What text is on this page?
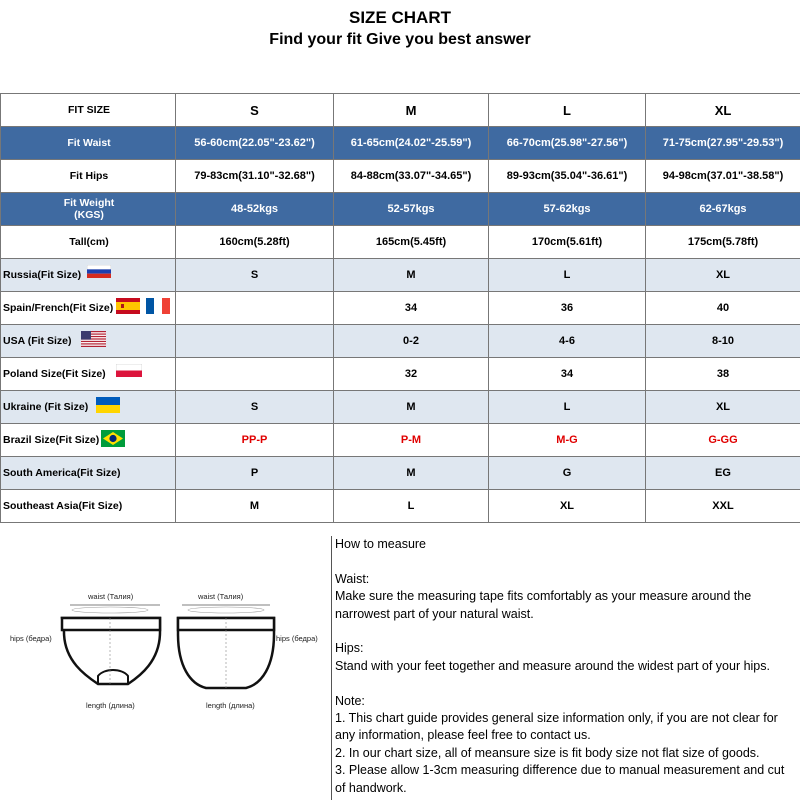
SIZE CHART
Find your fit Give you best answer
FIT SIZE	S	M	L	XL
Fit Waist	56-60cm(22.05"-23.62")	61-65cm(24.02"-25.59")	66-70cm(25.98"-27.56")	71-75cm(27.95"-29.53")
Fit Hips	79-83cm(31.10"-32.68")	84-88cm(33.07"-34.65")	89-93cm(35.04"-36.61")	94-98cm(37.01"-38.58")
Fit Weight
(KGS)	48-52kgs	52-57kgs	57-62kgs	62-67kgs
Tall(cm)	160cm(5.28ft)	165cm(5.45ft)	170cm(5.61ft)	175cm(5.78ft)
Russia(Fit Size)	S	M	L	XL
Spain/French(Fit Size)		34	36	40
USA (Fit Size)		0-2	4-6	8-10
Poland Size(Fit Size)		32	34	38
Ukraine (Fit Size)	S	M	L	XL
Brazil Size(Fit Size)	PP-P	P-M	M-G	G-GG
South America(Fit Size)	P	M	G	EG
Southeast Asia(Fit Size)	M	L	XL	XXL
waist (Талия)
hips (бедра)
length (длина)
waist (Талия)
hips (бедра)
length (длина)

How to measure

Waist:

Make sure the measuring tape fits comfortably as your measure around the

narrowest part of your natural waist.

Hips:

Stand with your feet together and measure around the widest part of your hips.

Note:

1. This chart guide provides general size information only, if you are not clear for

any information, please feel free to contact us.

2. In our chart size, all of meansure size is fit body size not flat size of goods.

3. Please allow 1-3cm measuring difference due to manual measurement and cut

of handwork.
